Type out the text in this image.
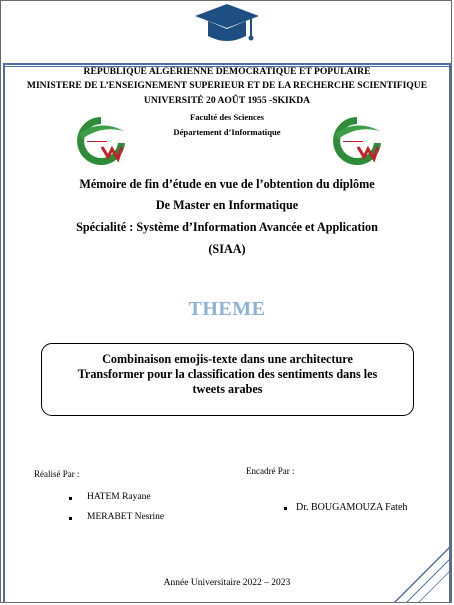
REPUBLIQUE ALGERIENNE DEMOCRATIQUE ET POPULAIRE
MINISTERE DE L’ENSEIGNEMENT SUPERIEUR ET DE LA RECHERCHE SCIENTIFIQUE
UNIVERSITÉ 20 AOÛT 1955 -SKIKDA
Faculté des Sciences
Département d’Informatique
Mémoire de fin d’étude en vue de l’obtention du diplôme
De Master en Informatique
Spécialité : Système d’Information Avancée et Application
(SIAA)
THEME
Combinaison emojis-texte dans une architecture
Transformer pour la classification des sentiments dans les
tweets arabes
Réalisé Par :
HATEM Rayane
MERABET Nesrine
Encadré Par :
Dr. BOUGAMOUZA Fateh
Année Universitaire 2022 – 2023
